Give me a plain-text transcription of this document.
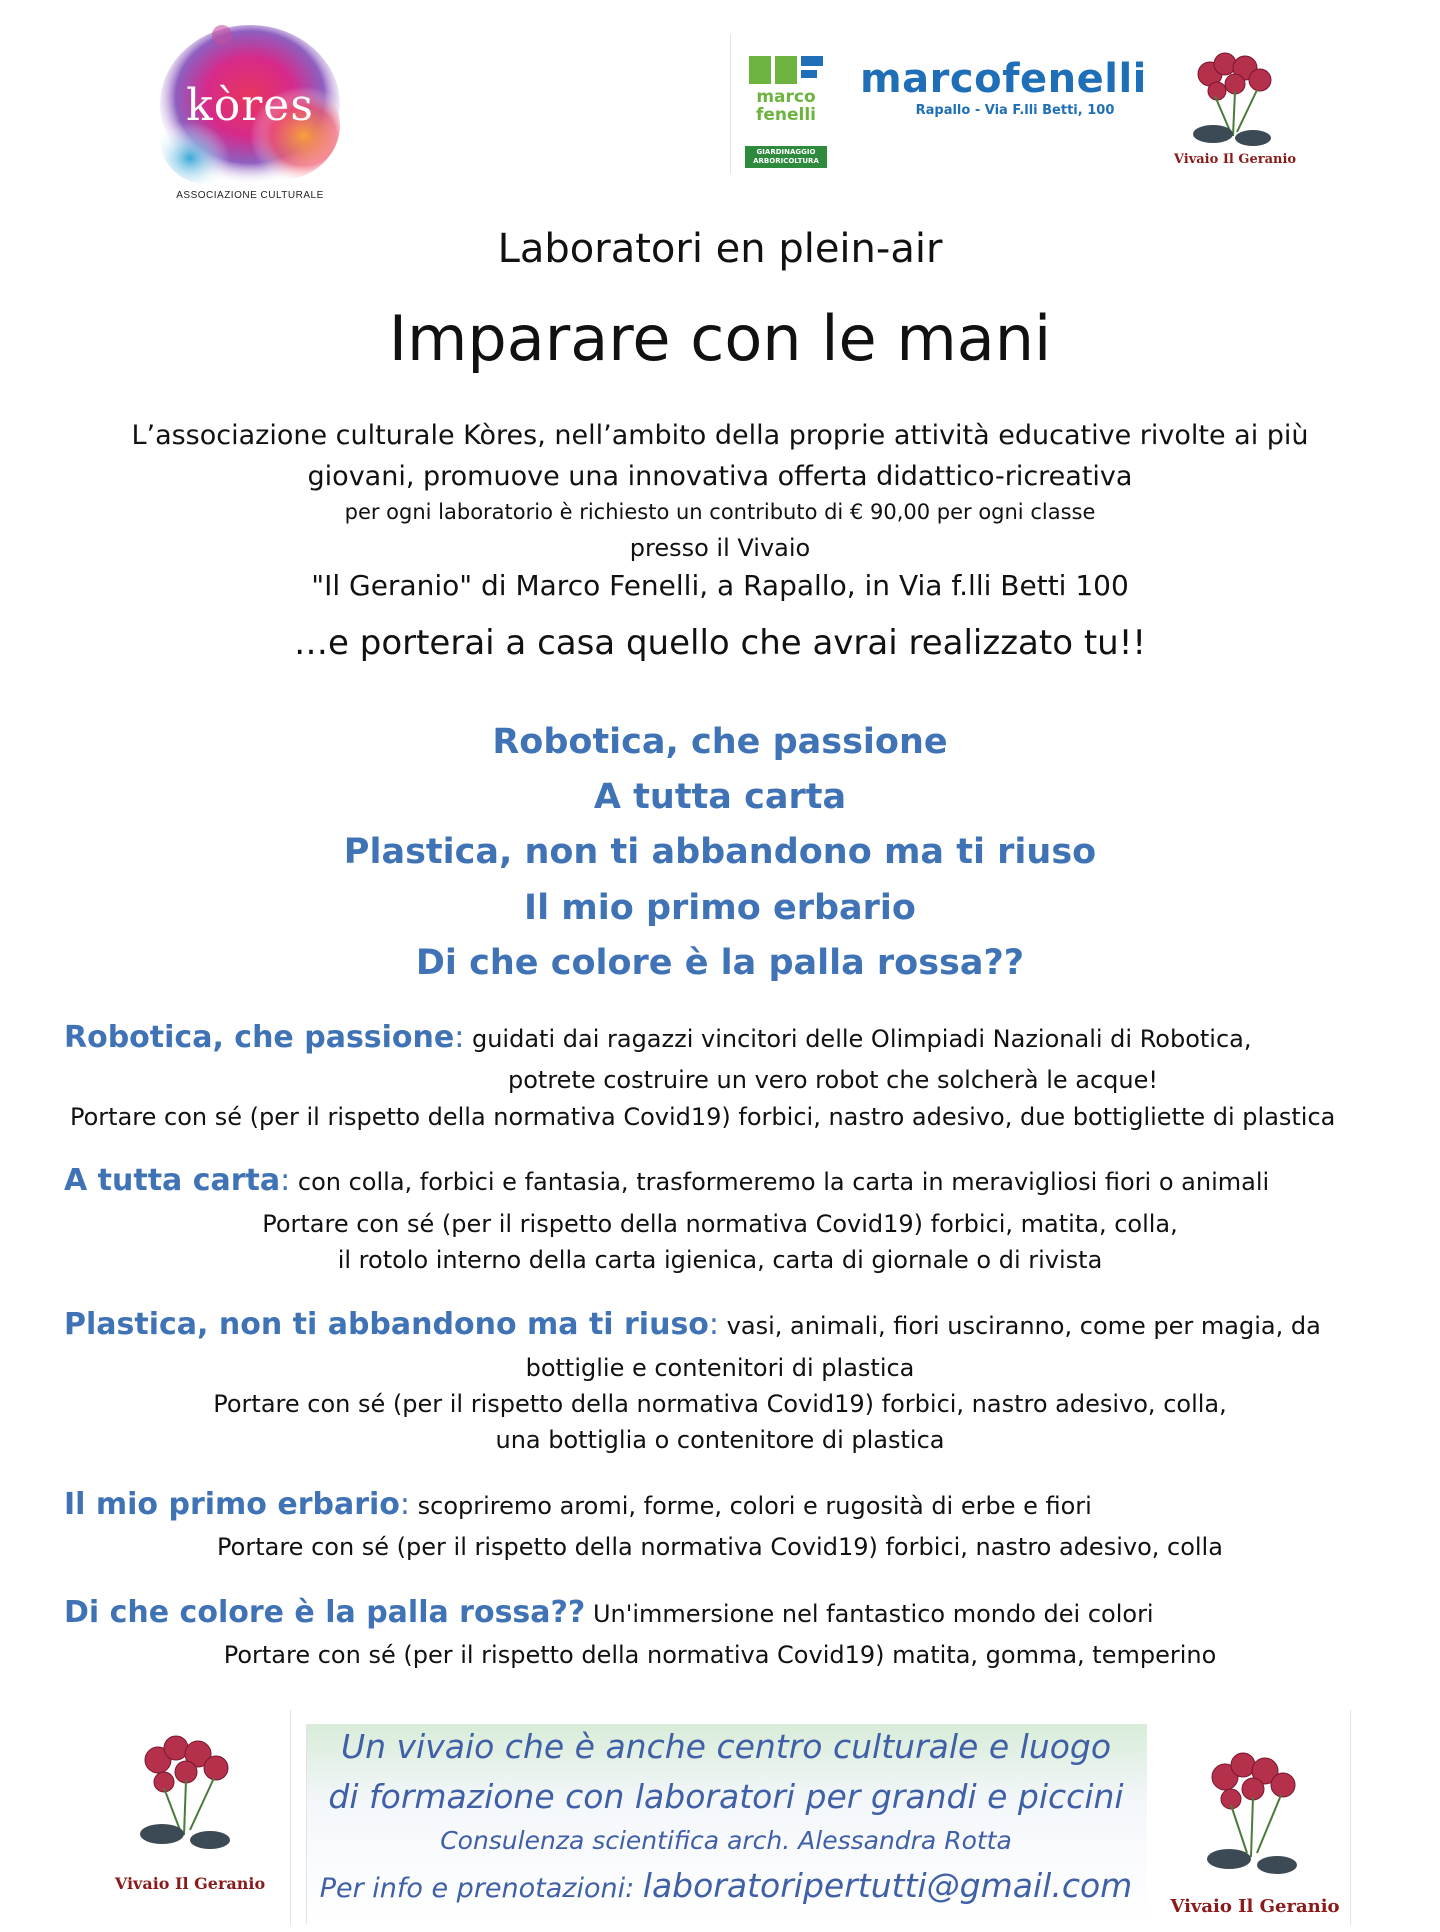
kòres
ASSOCIAZIONE CULTURALE
marco
fenelli
GIARDINAGGIO
ARBORICOLTURA
marcofenelli
Rapallo - Via F.lli Betti, 100
Vivaio Il Geranio
Laboratori en plein-air
Imparare con le mani
L’associazione culturale Kòres, nell’ambito della proprie attività educative rivolte ai più
giovani, promuove una innovativa offerta didattico-ricreativa
per ogni laboratorio è richiesto un contributo di € 90,00 per ogni classe
presso il Vivaio
"Il Geranio" di Marco Fenelli, a Rapallo, in Via f.lli Betti 100
…e porterai a casa quello che avrai realizzato tu!!
Robotica, che passione
A tutta carta
Plastica, non ti abbandono ma ti riuso
Il mio primo erbario
Di che colore è la palla rossa??
Robotica, che passione: guidati dai ragazzi vincitori delle Olimpiadi Nazionali di Robotica,
potrete costruire un vero robot che solcherà le acque!
Portare con sé (per il rispetto della normativa Covid19) forbici, nastro adesivo, due bottigliette di plastica
A tutta carta: con colla, forbici e fantasia, trasformeremo la carta in meravigliosi fiori o animali
Portare con sé (per il rispetto della normativa Covid19) forbici, matita, colla,
il rotolo interno della carta igienica, carta di giornale o di rivista
Plastica, non ti abbandono ma ti riuso: vasi, animali, fiori usciranno, come per magia, da
bottiglie e contenitori di plastica
Portare con sé (per il rispetto della normativa Covid19) forbici, nastro adesivo, colla,
una bottiglia o contenitore di plastica
Il mio primo erbario: scopriremo aromi, forme, colori e rugosità di erbe e fiori
Portare con sé (per il rispetto della normativa Covid19) forbici, nastro adesivo, colla
Di che colore è la palla rossa?? Un'immersione nel fantastico mondo dei colori
Portare con sé (per il rispetto della normativa Covid19) matita, gomma, temperino
Un vivaio che è anche centro culturale e luogo
di formazione con laboratori per grandi e piccini
Consulenza scientifica arch. Alessandra Rotta
Per info e prenotazioni: laboratoripertutti@gmail.com
Vivaio Il Geranio
Vivaio Il Geranio
